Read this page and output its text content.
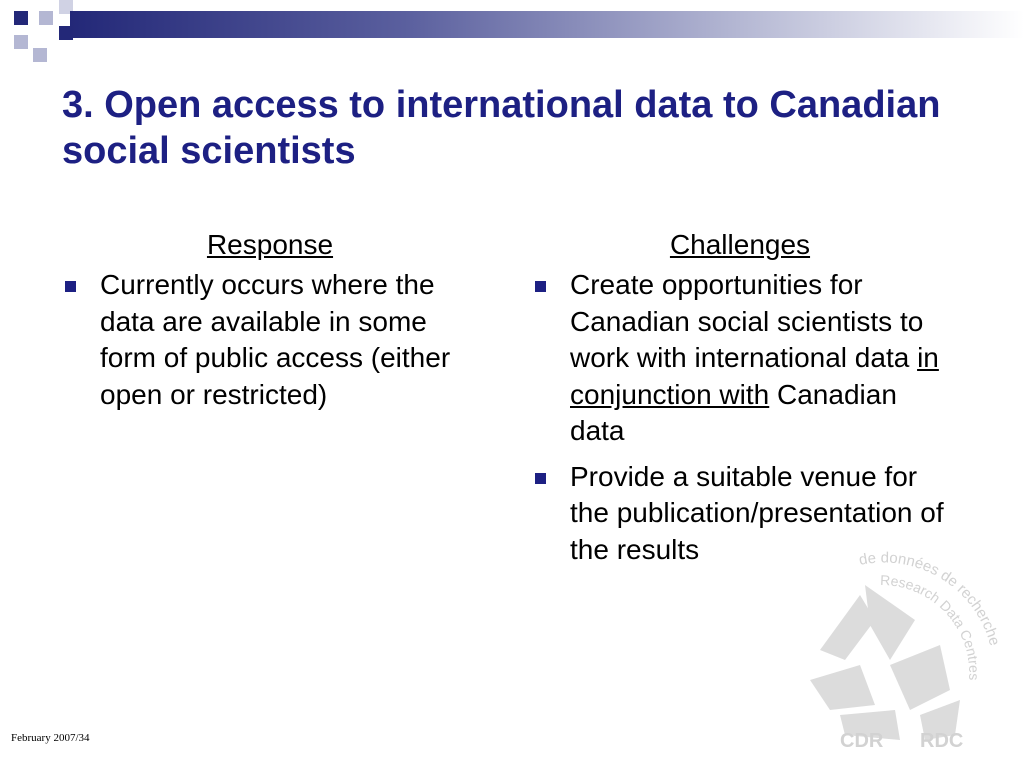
3. Open access to international data to Canadian social scientists
Response
Currently occurs where the data are available in some form of public access (either open or restricted)
Challenges
Create opportunities for Canadian social scientists to work with international data in conjunction with Canadian data
Provide a suitable venue for the publication/presentation of the results	de données de recherche
Research Data Centres
CDR RDC
February 2007/34
